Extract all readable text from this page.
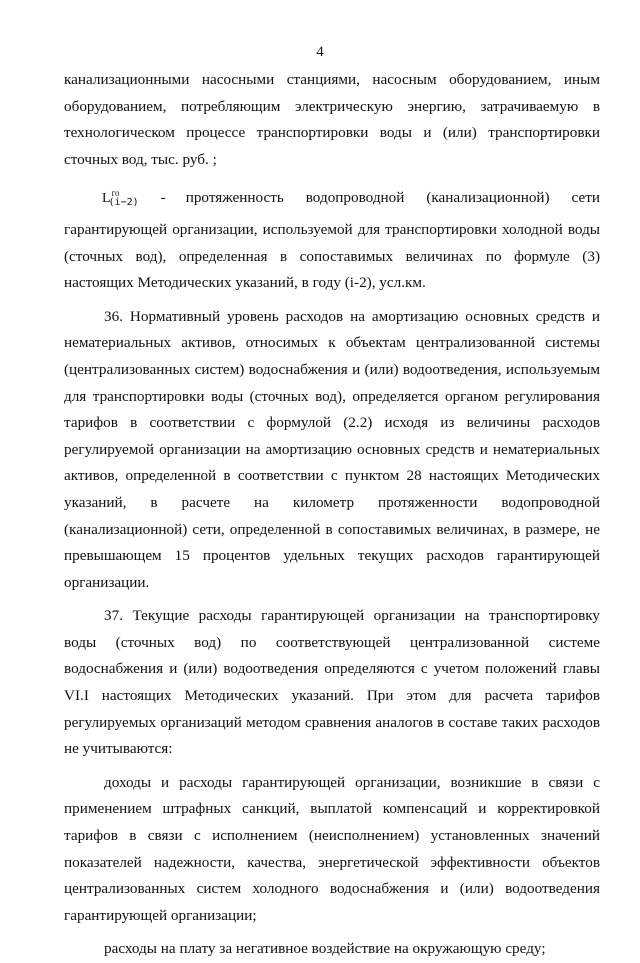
4

канализационными насосными станциями, насосным оборудованием, иным оборудованием, потребляющим электрическую энергию, затрачиваемую в технологическом процессе транспортировки воды и (или) транспортировки сточных вод, тыс. руб. ;

$L^{го}_{(i-2)}$ - протяженность водопроводной (канализационной) сети

гарантирующей организации, используемой для транспортировки холодной воды (сточных вод), определенная в сопоставимых величинах по формуле (3) настоящих Методических указаний, в году (i-2), усл.км.

36. Нормативный уровень расходов на амортизацию основных средств и нематериальных активов, относимых к объектам централизованной системы (централизованных систем) водоснабжения и (или) водоотведения, используемым для транспортировки воды (сточных вод), определяется органом регулирования тарифов в соответствии с формулой (2.2) исходя из величины расходов регулируемой организации на амортизацию основных средств и нематериальных активов, определенной в соответствии с пунктом 28 настоящих Методических указаний, в расчете на километр протяженности водопроводной (канализационной) сети, определенной в сопоставимых величинах, в размере, не превышающем 15 процентов удельных текущих расходов гарантирующей организации.

37. Текущие расходы гарантирующей организации на транспортировку воды (сточных вод) по соответствующей централизованной системе водоснабжения и (или) водоотведения определяются с учетом положений главы VI.I настоящих Методических указаний. При этом для расчета тарифов регулируемых организаций методом сравнения аналогов в составе таких расходов не учитываются:

доходы и расходы гарантирующей организации, возникшие в связи с применением штрафных санкций, выплатой компенсаций и корректировкой тарифов в связи с исполнением (неисполнением) установленных значений показателей надежности, качества, энергетической эффективности объектов централизованных систем холодного водоснабжения и (или) водоотведения гарантирующей организации;

расходы на плату за негативное воздействие на окружающую среду;
